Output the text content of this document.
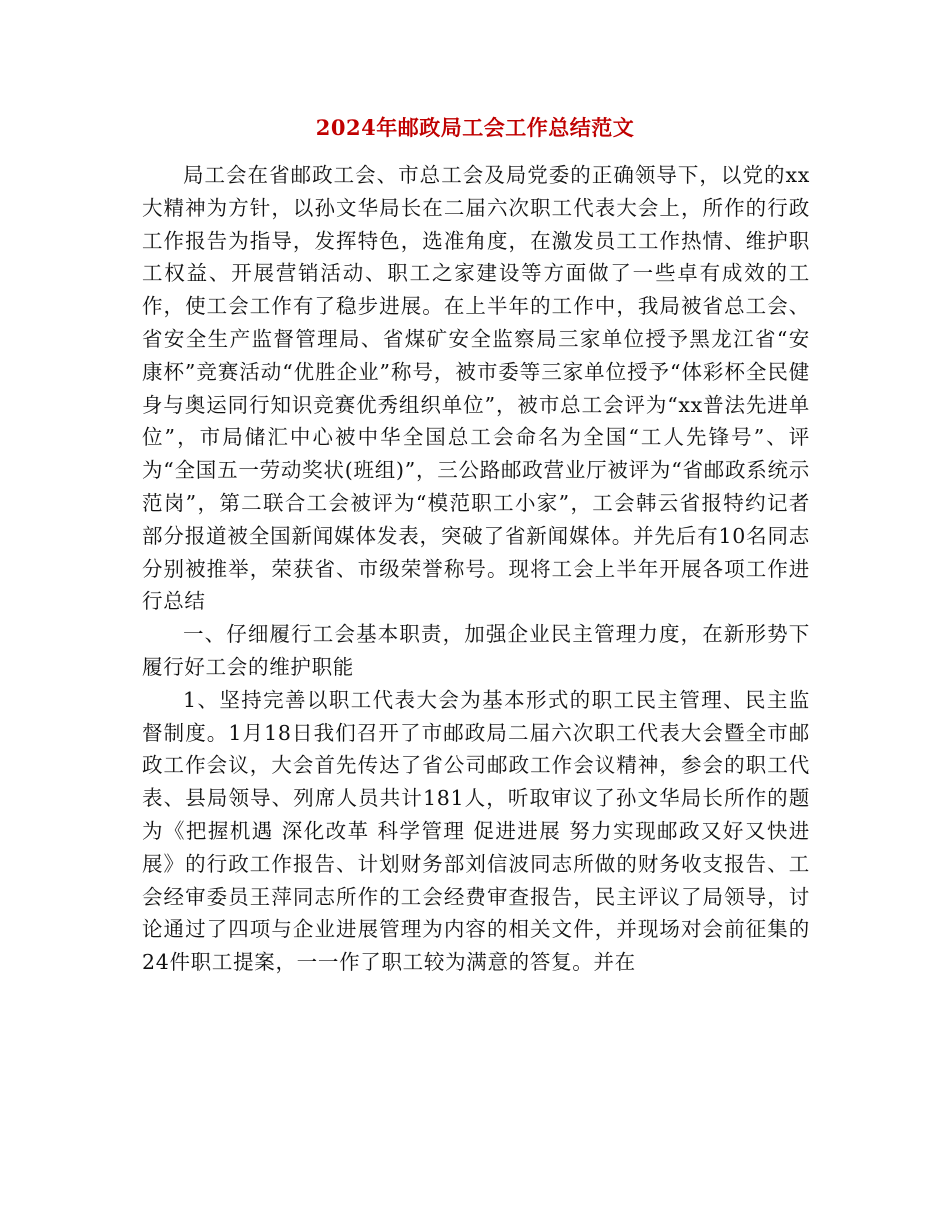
2024年邮政局工会工作总结范文

局工会在省邮政工会、市总工会及局党委的正确领导下，以党的xx大精神为方针，以孙文华局长在二届六次职工代表大会上，所作的行政工作报告为指导，发挥特色，选准角度，在激发员工工作热情、维护职工权益、开展营销活动、职工之家建设等方面做了一些卓有成效的工作，使工会工作有了稳步进展。在上半年的工作中，我局被省总工会、省安全生产监督管理局、省煤矿安全监察局三家单位授予黑龙江省“安康杯”竞赛活动“优胜企业”称号，被市委等三家单位授予“体彩杯全民健身与奥运同行知识竞赛优秀组织单位”，被市总工会评为“xx普法先进单位”，市局储汇中心被中华全国总工会命名为全国“工人先锋号”、评为“全国五一劳动奖状(班组)”，三公路邮政营业厅被评为“省邮政系统示范岗”，第二联合工会被评为“模范职工小家”，工会韩云省报特约记者部分报道被全国新闻媒体发表，突破了省新闻媒体。并先后有10名同志分别被推举，荣获省、市级荣誉称号。现将工会上半年开展各项工作进行总结

一、仔细履行工会基本职责，加强企业民主管理力度，在新形势下履行好工会的维护职能

1、坚持完善以职工代表大会为基本形式的职工民主管理、民主监督制度。1月18日我们召开了市邮政局二届六次职工代表大会暨全市邮政工作会议，大会首先传达了省公司邮政工作会议精神，参会的职工代表、县局领导、列席人员共计181人，听取审议了孙文华局长所作的题为《把握机遇 深化改革 科学管理 促进进展 努力实现邮政又好又快进展》的行政工作报告、计划财务部刘信波同志所做的财务收支报告、工会经审委员王萍同志所作的工会经费审查报告，民主评议了局领导，讨论通过了四项与企业进展管理为内容的相关文件，并现场对会前征集的24件职工提案，一一作了职工较为满意的答复。并在
